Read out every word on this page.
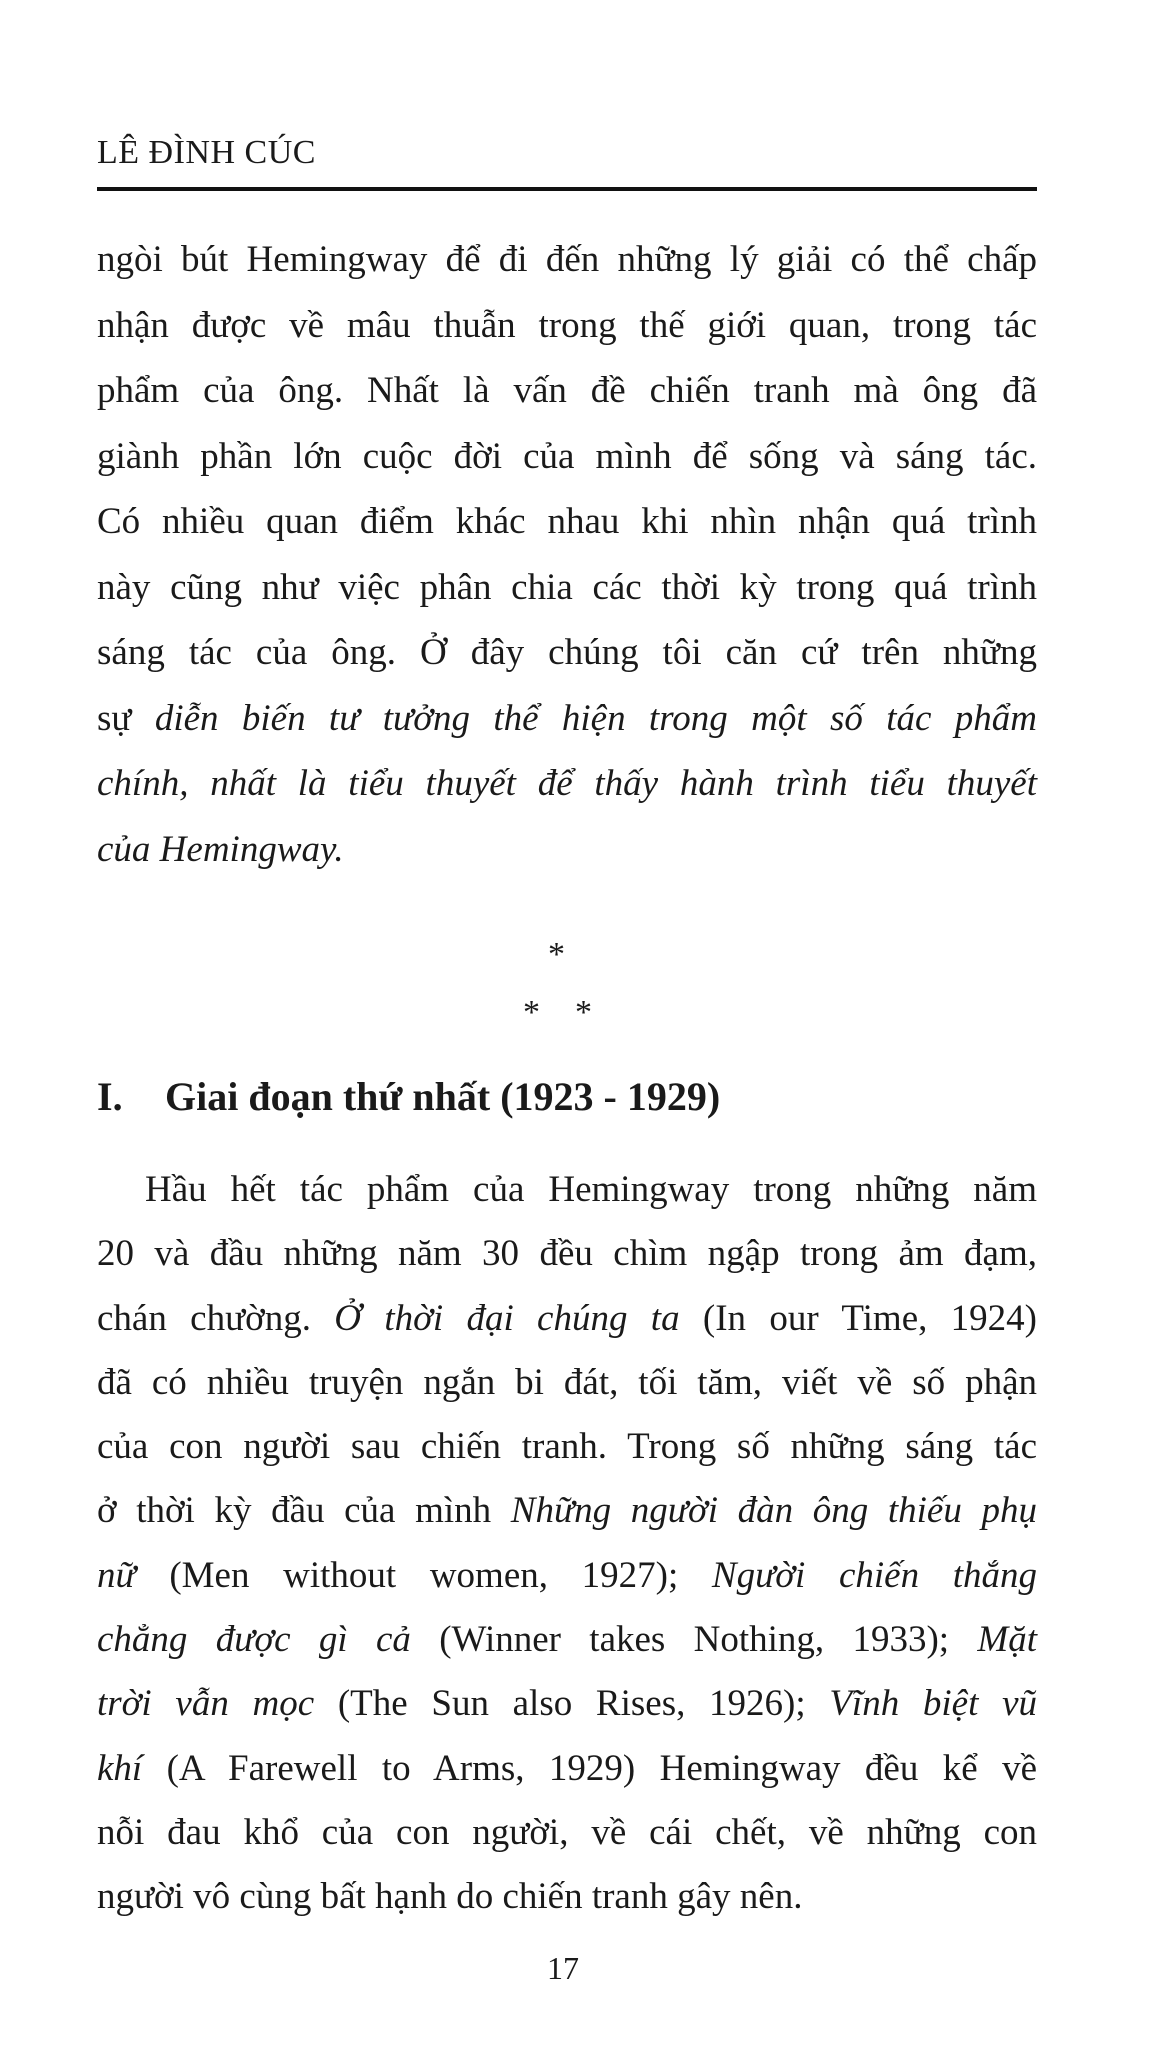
LÊ ĐÌNH CÚC
ngòi bút Hemingway để đi đến những lý giải có thể chấp
nhận được về mâu thuẫn trong thế giới quan, trong tác
phẩm của ông. Nhất là vấn đề chiến tranh mà ông đã
giành phần lớn cuộc đời của mình để sống và sáng tác.
Có nhiều quan điểm khác nhau khi nhìn nhận quá trình
này cũng như việc phân chia các thời kỳ trong quá trình
sáng tác của ông. Ở đây chúng tôi căn cứ trên những
sự diễn biến tư tưởng thể hiện trong một số tác phẩm
chính, nhất là tiểu thuyết để thấy hành trình tiểu thuyết
của Hemingway.
*
* *
I. Giai đoạn thứ nhất (1923 - 1929)
Hầu hết tác phẩm của Hemingway trong những năm
20 và đầu những năm 30 đều chìm ngập trong ảm đạm,
chán chường. Ở thời đại chúng ta (In our Time, 1924)
đã có nhiều truyện ngắn bi đát, tối tăm, viết về số phận
của con người sau chiến tranh. Trong số những sáng tác
ở thời kỳ đầu của mình Những người đàn ông thiếu phụ
nữ (Men without women, 1927); Người chiến thắng
chẳng được gì cả (Winner takes Nothing, 1933); Mặt
trời vẫn mọc (The Sun also Rises, 1926); Vĩnh biệt vũ
khí (A Farewell to Arms, 1929) Hemingway đều kể về
nỗi đau khổ của con người, về cái chết, về những con
người vô cùng bất hạnh do chiến tranh gây nên.
17
